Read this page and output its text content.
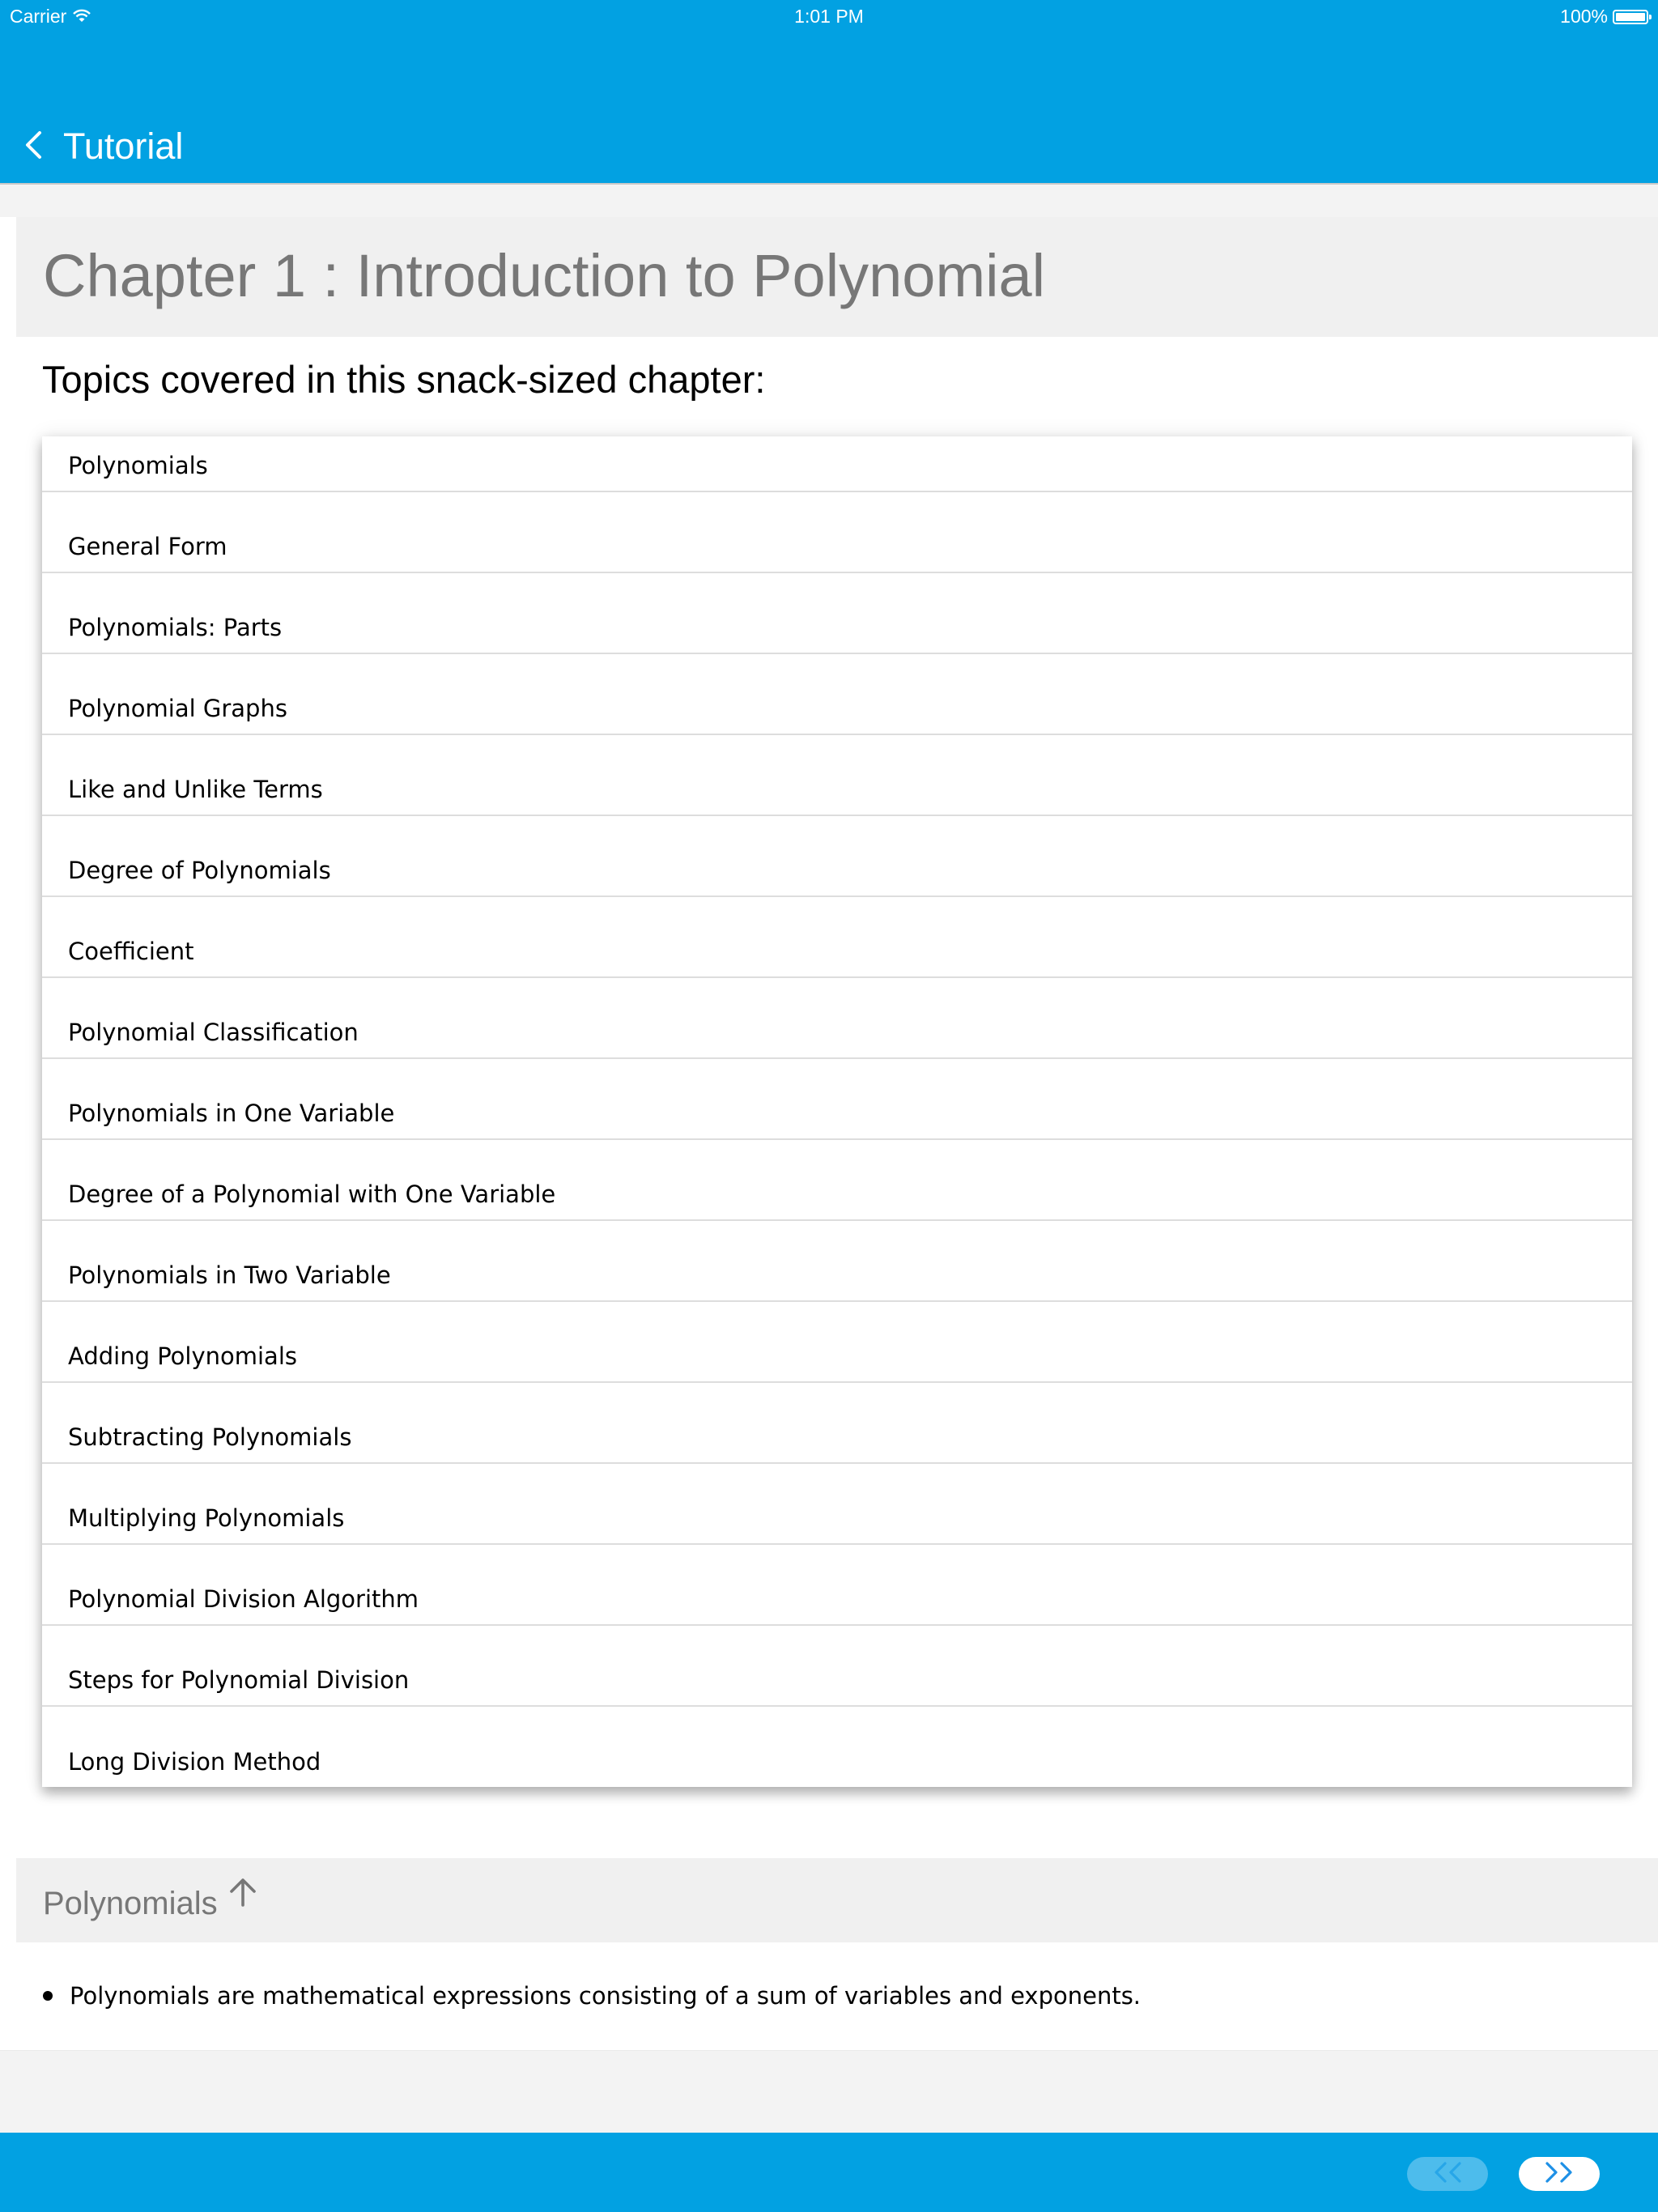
Carrier	1:01 PM	100%
Tutorial
Chapter 1 : Introduction to Polynomial
Topics covered in this snack-sized chapter:
Polynomials
General Form
Polynomials: Parts
Polynomial Graphs
Like and Unlike Terms
Degree of Polynomials
Coefficient
Polynomial Classification
Polynomials in One Variable
Degree of a Polynomial with One Variable
Polynomials in Two Variable
Adding Polynomials
Subtracting Polynomials
Multiplying Polynomials
Polynomial Division Algorithm
Steps for Polynomial Division
Long Division Method
Polynomials
Polynomials are mathematical expressions consisting of a sum of variables and exponents.
